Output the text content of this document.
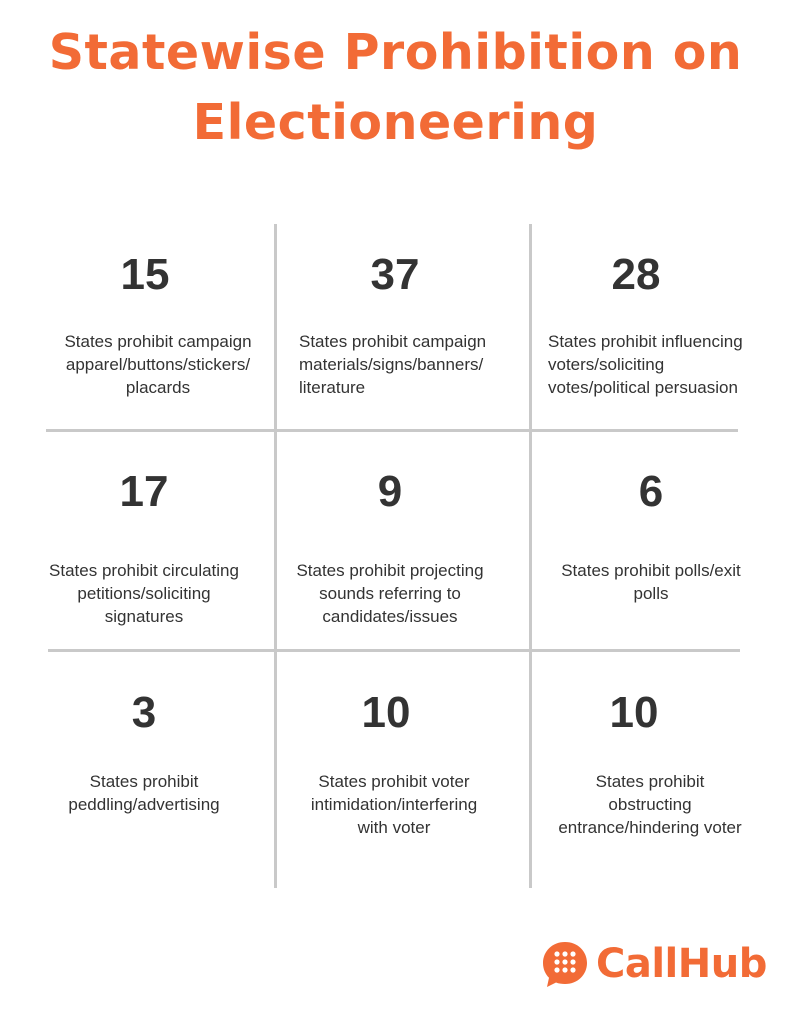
Statewise Prohibition on
Electioneering
15
States prohibit campaign
apparel/buttons/stickers/
placards
37
States prohibit campaign
materials/signs/banners/
literature
28
States prohibit influencing
voters/soliciting
votes/political persuasion
17
States prohibit circulating
petitions/soliciting
signatures
9
States prohibit projecting
sounds referring to
candidates/issues
6
States prohibit polls/exit
polls
3
States prohibit
peddling/advertising
10
States prohibit voter
intimidation/interfering
with voter
10
States prohibit
obstructing
entrance/hindering voter
CallHub
